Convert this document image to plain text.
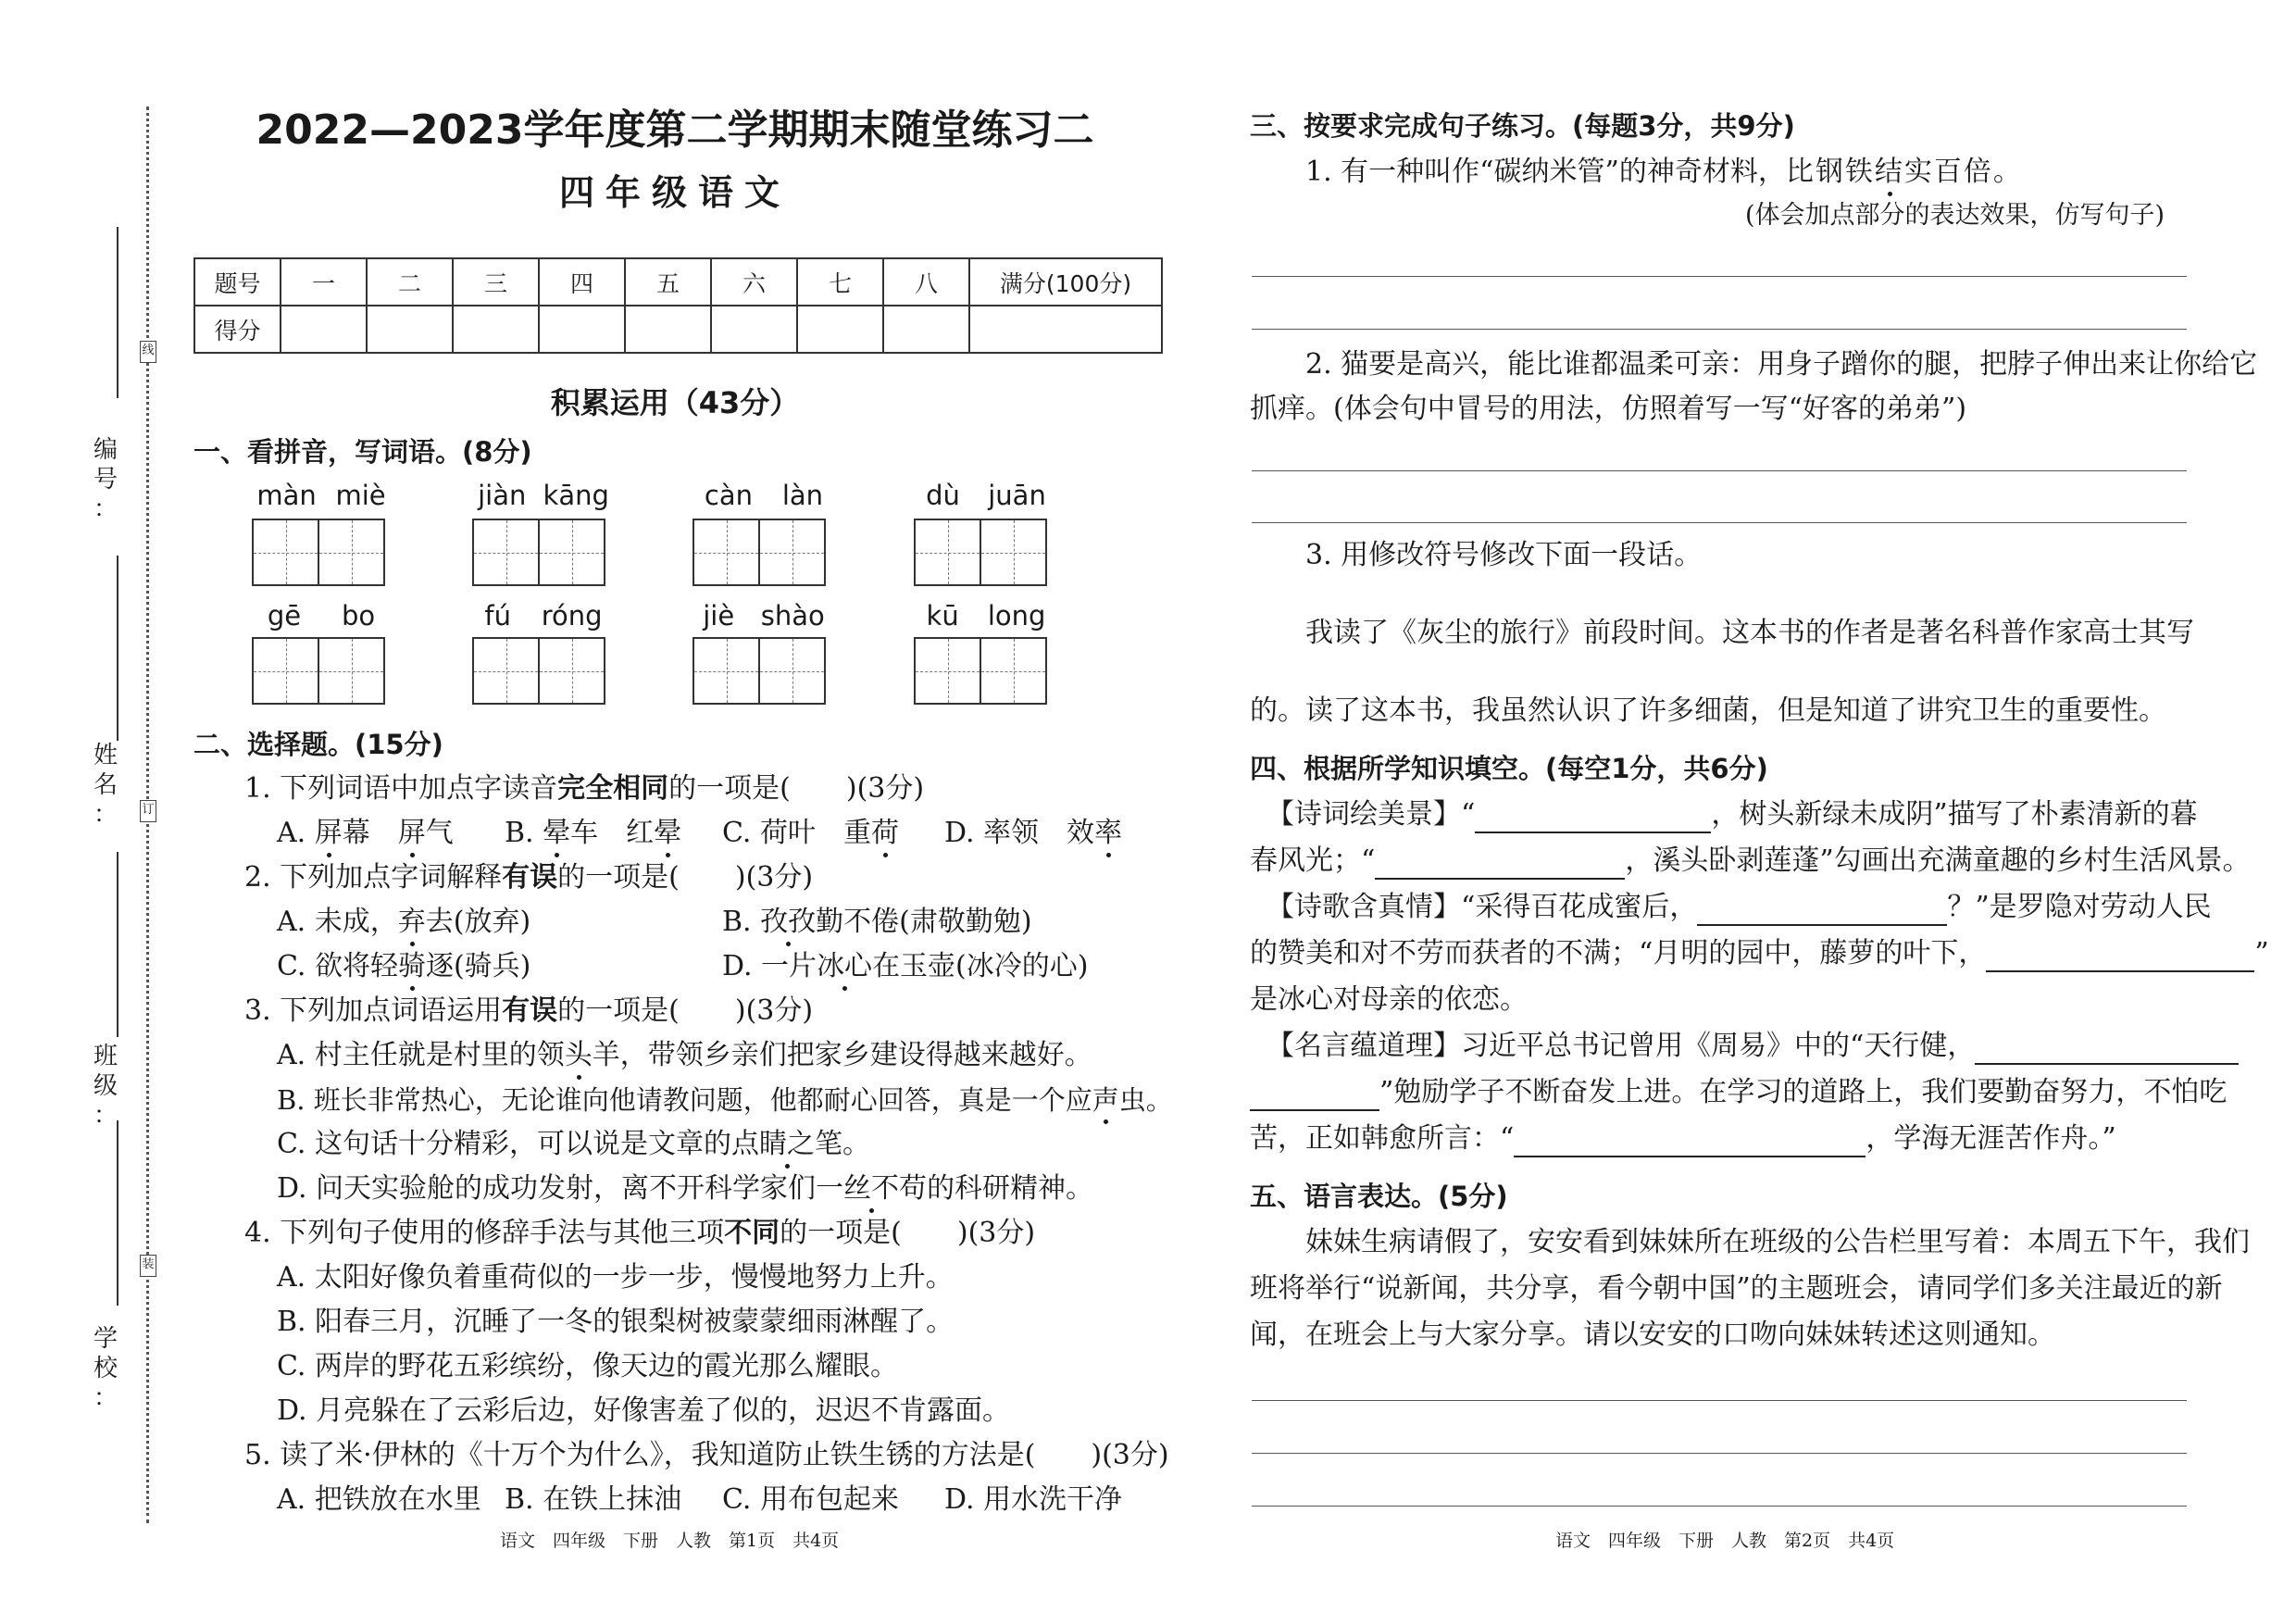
线
订
装
编
号
：
姓
名
：
班
级
：
学
校
：
2022—2023学年度第二学期期末随堂练习二
四年级语文
题号	一	二	三	四	五	六	七	八	满分(100分)
得分									
积累运用（43分）
一、看拼音，写词语。(8分)
màn miè	jiàn kāng	càn làn	dù juān
gē bo	fú róng	jiè shào	kū long
二、选择题。(15分)
1. 下列词语中加点字读音完全相同的一项是(　　)(3分)
A. 屏幕　屏气 B. 晕车　红晕 C. 荷叶　重荷 D. 率领　效率
2. 下列加点字词解释有误的一项是(　　)(3分)
A. 未成，弃去(放弃)	B. 孜孜勤不倦(肃敬勤勉)
C. 欲将轻骑逐(骑兵)	D. 一片冰心在玉壶(冰冷的心)
3. 下列加点词语运用有误的一项是(　　)(3分)
A. 村主任就是村里的领头羊，带领乡亲们把家乡建设得越来越好。
B. 班长非常热心，无论谁向他请教问题，他都耐心回答，真是一个应声虫。
C. 这句话十分精彩，可以说是文章的点睛之笔。
D. 问天实验舱的成功发射，离不开科学家们一丝不苟的科研精神。
4. 下列句子使用的修辞手法与其他三项不同的一项是(　　)(3分)
A. 太阳好像负着重荷似的一步一步，慢慢地努力上升。
B. 阳春三月，沉睡了一冬的银梨树被蒙蒙细雨淋醒了。
C. 两岸的野花五彩缤纷，像天边的霞光那么耀眼。
D. 月亮躲在了云彩后边，好像害羞了似的，迟迟不肯露面。
5. 读了米·伊林的《十万个为什么》，我知道防止铁生锈的方法是(　　)(3分)
A. 把铁放在水里 B. 在铁上抹油 C. 用布包起来 D. 用水洗干净
语文　四年级　下册　人教　第1页　共4页
三、按要求完成句子练习。(每题3分，共9分)
1. 有一种叫作“碳纳米管”的神奇材料，比钢铁结实百倍。
(体会加点部分的表达效果，仿写句子)
2. 猫要是高兴，能比谁都温柔可亲：用身子蹭你的腿，把脖子伸出来让你给它
抓痒。(体会句中冒号的用法，仿照着写一写“好客的弟弟”)
3. 用修改符号修改下面一段话。
我读了《灰尘的旅行》前段时间。这本书的作者是著名科普作家高士其写
的。读了这本书，我虽然认识了许多细菌，但是知道了讲究卫生的重要性。
四、根据所学知识填空。(每空1分，共6分)
【诗词绘美景】“	，树头新绿未成阴”描写了朴素清新的暮
春风光；“	，溪头卧剥莲蓬”勾画出充满童趣的乡村生活风景。
【诗歌含真情】“采得百花成蜜后，	？”是罗隐对劳动人民
的赞美和对不劳而获者的不满；“月明的园中，藤萝的叶下，	”
是冰心对母亲的依恋。
【名言蕴道理】习近平总书记曾用《周易》中的“天行健，
”勉励学子不断奋发上进。在学习的道路上，我们要勤奋努力，不怕吃
苦，正如韩愈所言：“	，学海无涯苦作舟。”
五、语言表达。(5分)
妹妹生病请假了，安安看到妹妹所在班级的公告栏里写着：本周五下午，我们
班将举行“说新闻，共分享，看今朝中国”的主题班会，请同学们多关注最近的新
闻，在班会上与大家分享。请以安安的口吻向妹妹转述这则通知。
语文　四年级　下册　人教　第2页　共4页
